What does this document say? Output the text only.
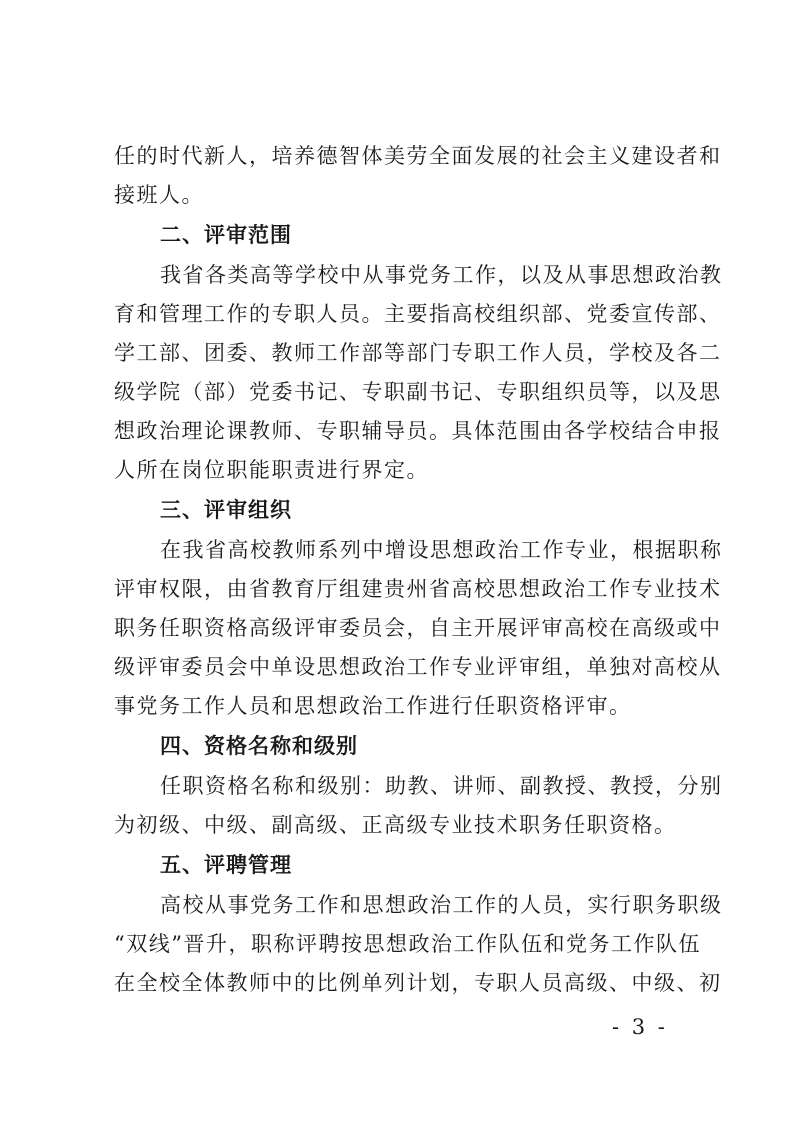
任的时代新人，培养德智体美劳全面发展的社会主义建设者和
接班人。
二、评审范围
我省各类高等学校中从事党务工作，以及从事思想政治教
育和管理工作的专职人员。主要指高校组织部、党委宣传部、
学工部、团委、教师工作部等部门专职工作人员，学校及各二
级学院（部）党委书记、专职副书记、专职组织员等，以及思
想政治理论课教师、专职辅导员。具体范围由各学校结合申报
人所在岗位职能职责进行界定。
三、评审组织
在我省高校教师系列中增设思想政治工作专业，根据职称
评审权限，由省教育厅组建贵州省高校思想政治工作专业技术
职务任职资格高级评审委员会，自主开展评审高校在高级或中
级评审委员会中单设思想政治工作专业评审组，单独对高校从
事党务工作人员和思想政治工作进行任职资格评审。
四、资格名称和级别
任职资格名称和级别：助教、讲师、副教授、教授，分别
为初级、中级、副高级、正高级专业技术职务任职资格。
五、评聘管理
高校从事党务工作和思想政治工作的人员，实行职务职级
“双线”晋升，职称评聘按思想政治工作队伍和党务工作队伍
在全校全体教师中的比例单列计划，专职人员高级、中级、初
- 3 -
